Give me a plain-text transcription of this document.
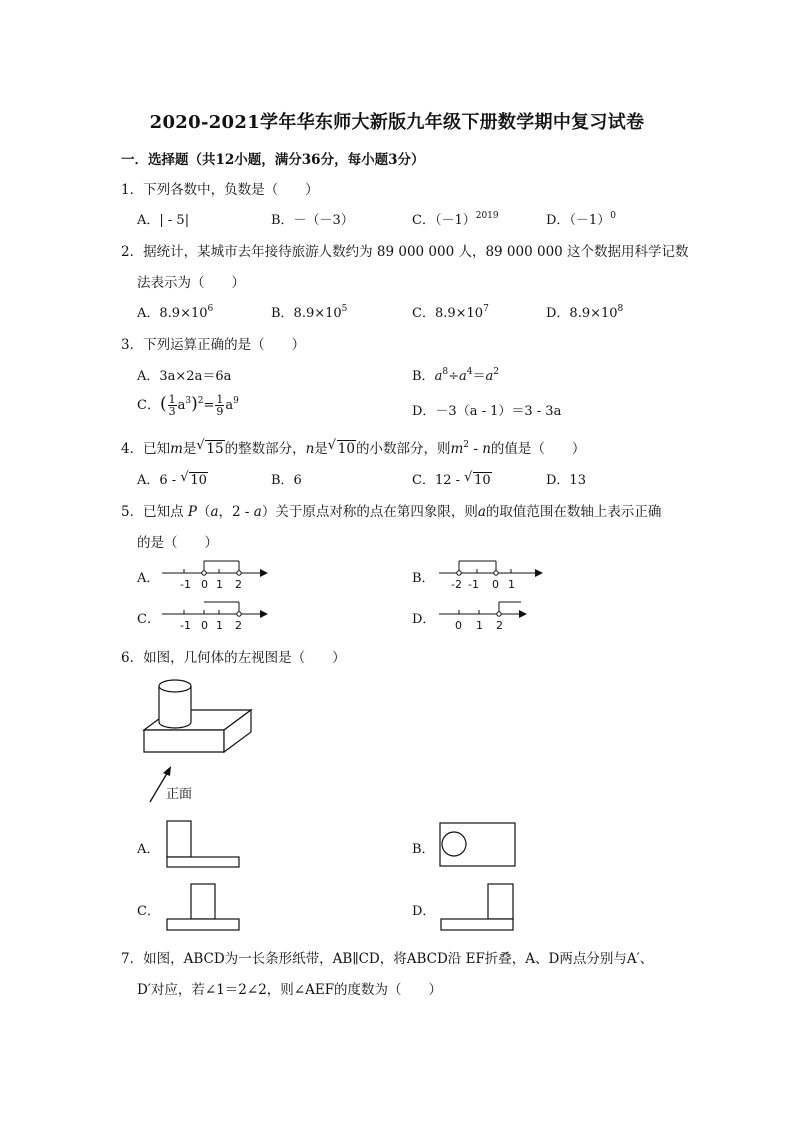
2020-2021学年华东师大新版九年级下册数学期中复习试卷
一．选择题（共12小题，满分36分，每小题3分）
1．下列各数中，负数是（　　）
A．| - 5|	B．－（－3）	C．$(-1)^{2019}$	D．$(-1)^0$
2．据统计，某城市去年接待旅游人数约为 89 000 000 人，89 000 000 这个数据用科学记数
法表示为（　　）
A．$8.9\times 10^6$	B．$8.9\times 10^5$	C．$8.9\times 10^7$	D．$8.9\times 10^8$
3．下列运算正确的是（　　）
A．3a×2a＝6a	B．$a^8\div a^4=a^2$
C．( $\frac{1}{3} a^3)^2= \frac{1}{9} a^9$
D．－3（a - 1）＝3 - 3a
4．已知m是 √ 15的整数部分，n是 √ 10的小数部分，则$m^2$ - n的值是（　　）
A．6 - √ 10	B．6	C．12 - √ 10	D．13
5．已知点 P（a，2 - a）关于原点对称的点在第四象限，则a的取值范围在数轴上表示正确
的是（　　）
A． -1 0 1 2	B． -2 -1 0 1
C． -1 0 1 2	D． 0 1 2
6．如图，几何体的左视图是（　　）
正面
A．	B．
C．	D．
7．如图，ABCD为一长条形纸带，AB∥CD，将ABCD沿 EF折叠，A、D两点分别与A′、
D′对应，若∠1＝2∠2，则∠AEF的度数为（　　）
